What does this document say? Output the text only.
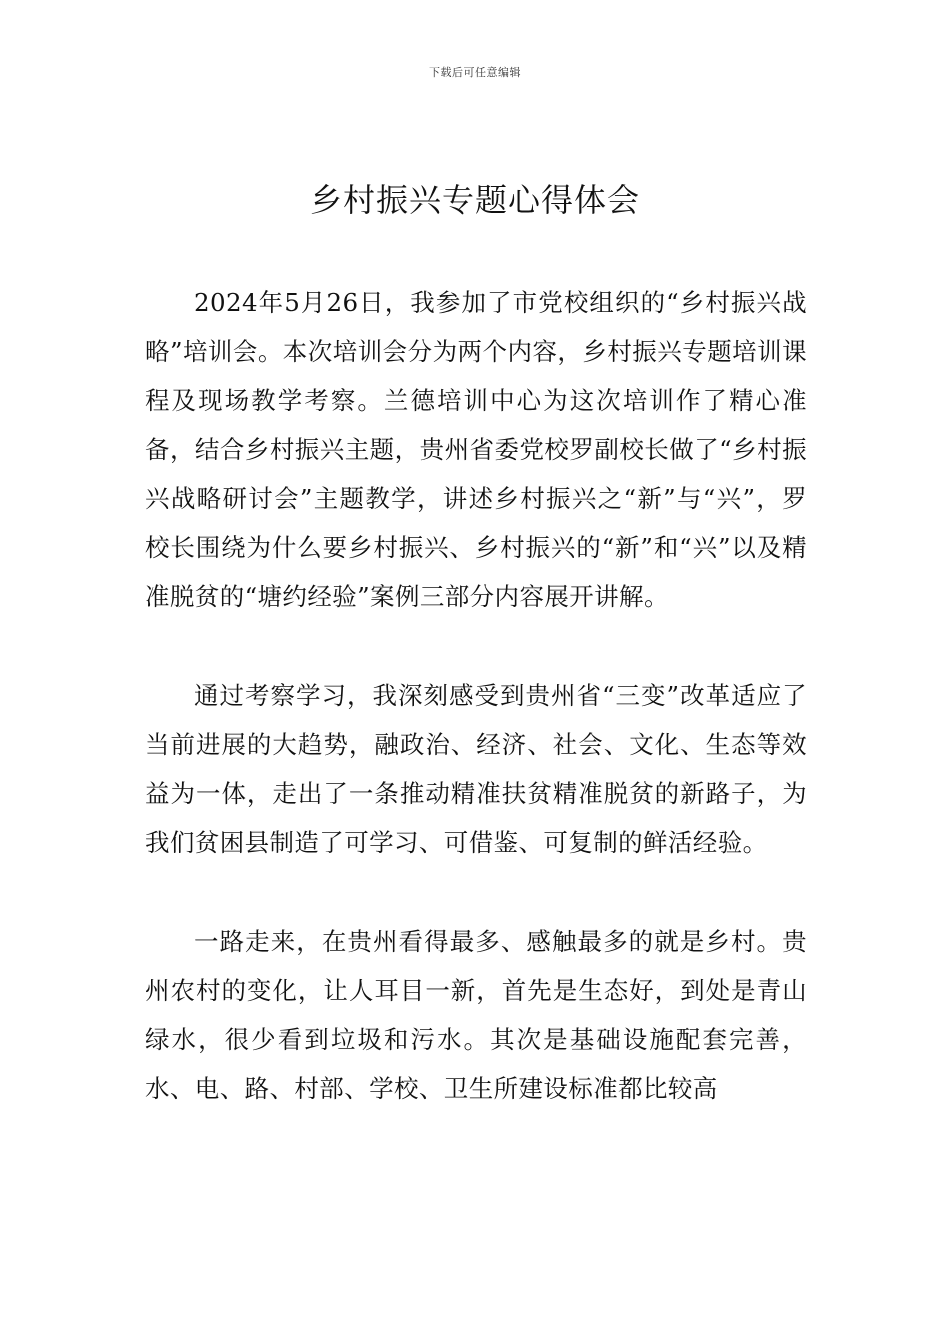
下载后可任意编辑
乡村振兴专题心得体会

2024年5月26日，我参加了市党校组织的“乡村振兴战略”培训会。本次培训会分为两个内容，乡村振兴专题培训课程及现场教学考察。兰德培训中心为这次培训作了精心准备，结合乡村振兴主题，贵州省委党校罗副校长做了“乡村振兴战略研讨会”主题教学，讲述乡村振兴之“新”与“兴”，罗校长围绕为什么要乡村振兴、乡村振兴的“新”和“兴”以及精准脱贫的“塘约经验”案例三部分内容展开讲解。

通过考察学习，我深刻感受到贵州省“三变”改革适应了当前进展的大趋势，融政治、经济、社会、文化、生态等效益为一体，走出了一条推动精准扶贫精准脱贫的新路子，为我们贫困县制造了可学习、可借鉴、可复制的鲜活经验。

一路走来，在贵州看得最多、感触最多的就是乡村。贵州农村的变化，让人耳目一新，首先是生态好，到处是青山绿水，很少看到垃圾和污水。其次是基础设施配套完善，水、电、路、村部、学校、卫生所建设标准都比较高
